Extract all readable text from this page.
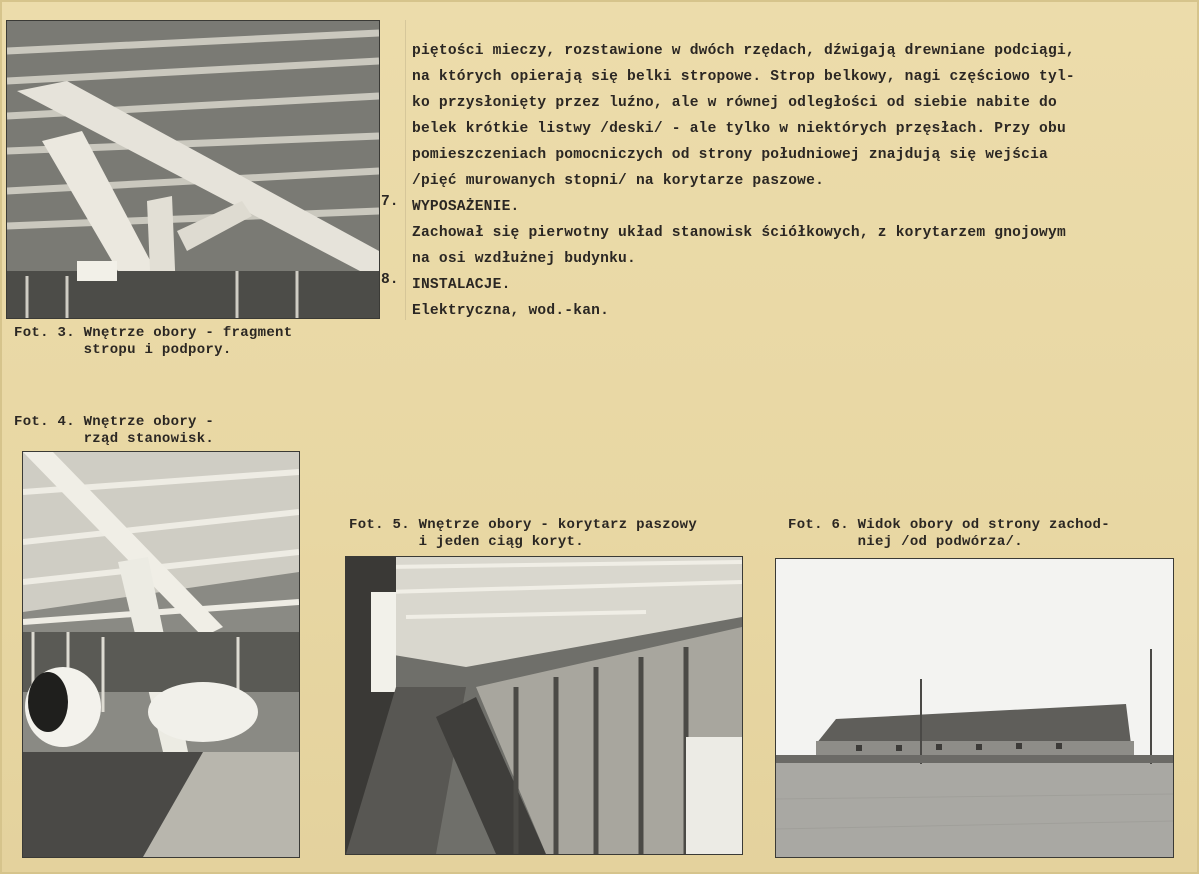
Fot. 3. Wnętrze obory - fragment
stropu i podpory.
7.
8.
piętości mieczy, rozstawione w dwóch rzędach, dźwigają drewniane podciągi,
na których opierają się belki stropowe. Strop belkowy, nagi częściowo tyl-
ko przysłonięty przez luźno, ale w równej odległości od siebie nabite do
belek krótkie listwy /deski/ - ale tylko w niektórych przęsłach. Przy obu
pomieszczeniach pomocniczych od strony południowej znajdują się wejścia
/pięć murowanych stopni/ na korytarze paszowe.
WYPOSAŻENIE.
Zachował się pierwotny układ stanowisk ściółkowych, z korytarzem gnojowym
na osi wzdłużnej budynku.
INSTALACJE.
Elektryczna, wod.-kan.
Fot. 4. Wnętrze obory -
rząd stanowisk.
Fot. 5. Wnętrze obory - korytarz paszowy
i jeden ciąg koryt.
Fot. 6. Widok obory od strony zachod-
niej /od podwórza/.
